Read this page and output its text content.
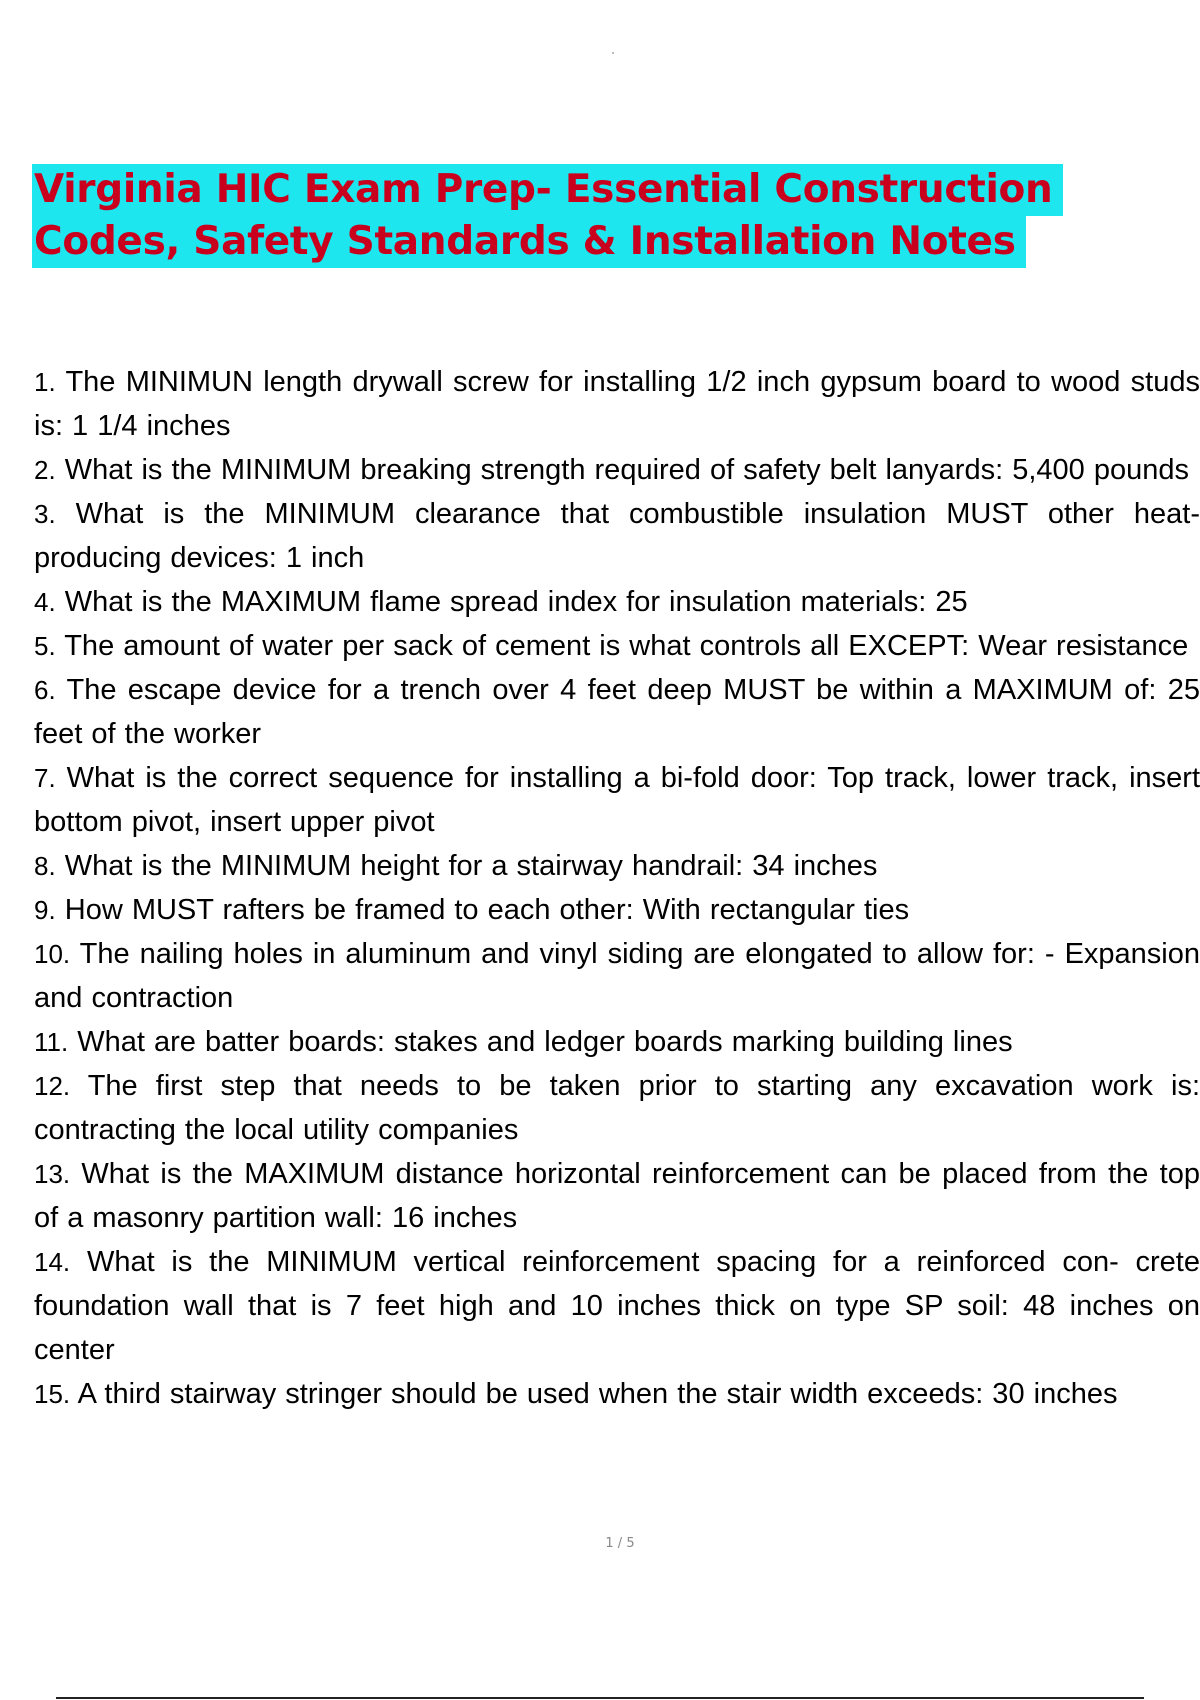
Virginia HIC Exam Prep- Essential Construction
Codes, Safety Standards & Installation Notes
1. The MINIMUN length drywall screw for installing 1/2 inch gypsum board to wood studs is: 1 1/4 inches
2. What is the MINIMUM breaking strength required of safety belt lanyards: 5,400 pounds
3. What is the MINIMUM clearance that combustible insulation MUST other heat-producing devices: 1 inch
4. What is the MAXIMUM flame spread index for insulation materials: 25
5. The amount of water per sack of cement is what controls all EXCEPT: Wear resistance
6. The escape device for a trench over 4 feet deep MUST be within a MAXIMUM of: 25 feet of the worker
7. What is the correct sequence for installing a bi-fold door: Top track, lower track, insert bottom pivot, insert upper pivot
8. What is the MINIMUM height for a stairway handrail: 34 inches
9. How MUST rafters be framed to each other: With rectangular ties
10. The nailing holes in aluminum and vinyl siding are elongated to allow for: - Expansion and contraction
11. What are batter boards: stakes and ledger boards marking building lines
12. The first step that needs to be taken prior to starting any excavation work is: contracting the local utility companies
13. What is the MAXIMUM distance horizontal reinforcement can be placed from the top of a masonry partition wall: 16 inches
14. What is the MINIMUM vertical reinforcement spacing for a reinforced con- crete foundation wall that is 7 feet high and 10 inches thick on type SP soil: 48 inches on center
15. A third stairway stringer should be used when the stair width exceeds: 30 inches
1 / 5
